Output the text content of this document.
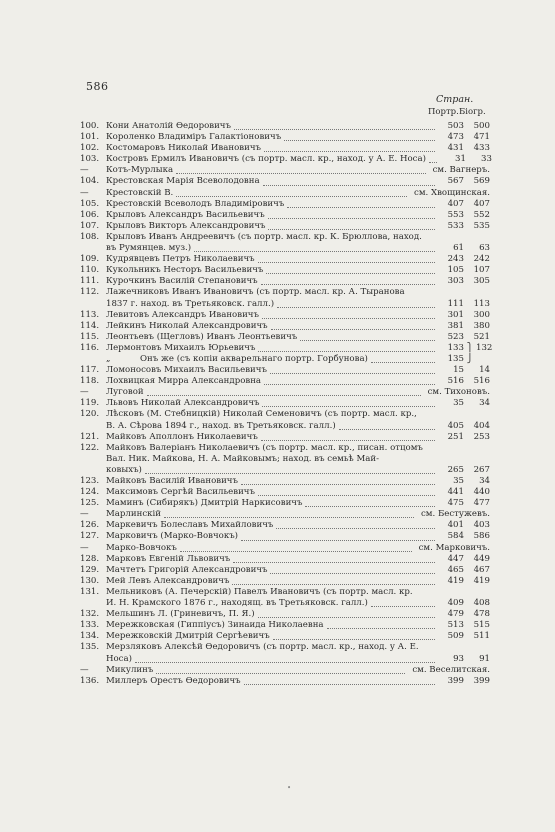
586
Стран.
Портр.Біогр.
100. Кони Анатолій Ѳедоровичъ	503	500
101. Короленко Владиміръ Галактіоновичъ	473	471
102. Костомаровъ Николай Ивановичъ	431	433
103. Костровъ Ермилъ Ивановичъ (съ портр. масл. кр., наход. у А. Е. Носа)	31	33
—	Котъ-Мурлыка	см. Вагнеръ.
104. Крестовская Марія Всеволодовна	567	569
—	Крестовскій В.	см. Хвощинская.
105. Крестовскій Всеволодъ Владиміровичъ	407	407
106. Крыловъ Александръ Васильевичъ	553	552
107. Крыловъ Викторъ Александровичъ	533	535
108. Крыловъ Иванъ Андреевичъ (съ портр. масл. кр. К. Брюллова, наход.
въ Румянцев. муз.)	61	63
109. Кудрявцевъ Петръ Николаевичъ	243	242
110. Кукольникъ Несторъ Васильевичъ	105	107
111. Курочкинъ Василій Степановичъ	303	305
112. Лажечниковъ Иванъ Ивановичъ (съ портр. масл. кр. А. Тыранова
1837 г. наход. въ Третьяковск. галл.)	111	113
113. Левитовъ Александръ Ивановичъ	301	300
114. Лейкинъ Николай Александровичъ	381	380
115. Леонтьевъ (Щегловъ) Иванъ Леонтьевичъ	523	521
116. Лермонтовъ Михаилъ Юрьевичъ	133 ⎫ 132
„	Онъ же (съ копіи акварельнаго портр. Горбунова)	135 ⎭
117. Ломоносовъ Михаилъ Васильевичъ	15	14
118. Лохвицкая Мирра Александровна	516	516
—	Луговой	см. Тихоновъ.
119. Львовъ Николай Александровичъ	35	34
120. Лѣсковъ (М. Стебницкій) Николай Семеновичъ (съ портр. масл. кр.,
В. А. Сѣрова 1894 г., наход. въ Третьяковск. галл.)	405	404
121. Майковъ Аполлонъ Николаевичъ	251	253
122. Майковъ Валеріанъ Николаевичъ (съ портр. масл. кр., писан. отцомъ
Вал. Ник. Майкова, Н. А. Майковымъ; наход. въ семьѣ Май-
ковыхъ)	265	267
123. Майковъ Василій Ивановичъ	35	34
124. Максимовъ Сергѣй Васильевичъ	441	440
125. Маминъ (Сибирякъ) Дмитрій Наркисовичъ	475	477
—	Марлинскій	см. Бестужевъ.
126. Маркевичъ Болеславъ Михайловичъ	401	403
127. Марковичъ (Марко-Вовчокъ)	584	586
—	Марко-Вовчокъ	см. Марковичъ.
128. Марковъ Евгеній Львовичъ	447	449
129. Мачтетъ Григорій Александровичъ	465	467
130. Мей Левъ Александровичъ	419	419
131. Мельниковъ (А. Печерскій) Павелъ Ивановичъ (съ портр. масл. кр.
И. Н. Крамского 1876 г., находящ. въ Третьяковск. галл.)	409	408
132. Мельшинъ Л. (Гриневичъ, П. Я.)	479	478
133. Мережковская (Гиппіусъ) Зинаида Николаевна	513	515
134. Мережковскій Дмитрій Сергѣевичъ	509	511
135. Мерзляковъ Алексѣй Ѳедоровичъ (съ портр. масл. кр., наход. у А. Е.
Носа)	93	91
—	Микулинъ	см. Веселитская.
136. Миллеръ Орестъ Ѳедоровичъ	399	399
•
